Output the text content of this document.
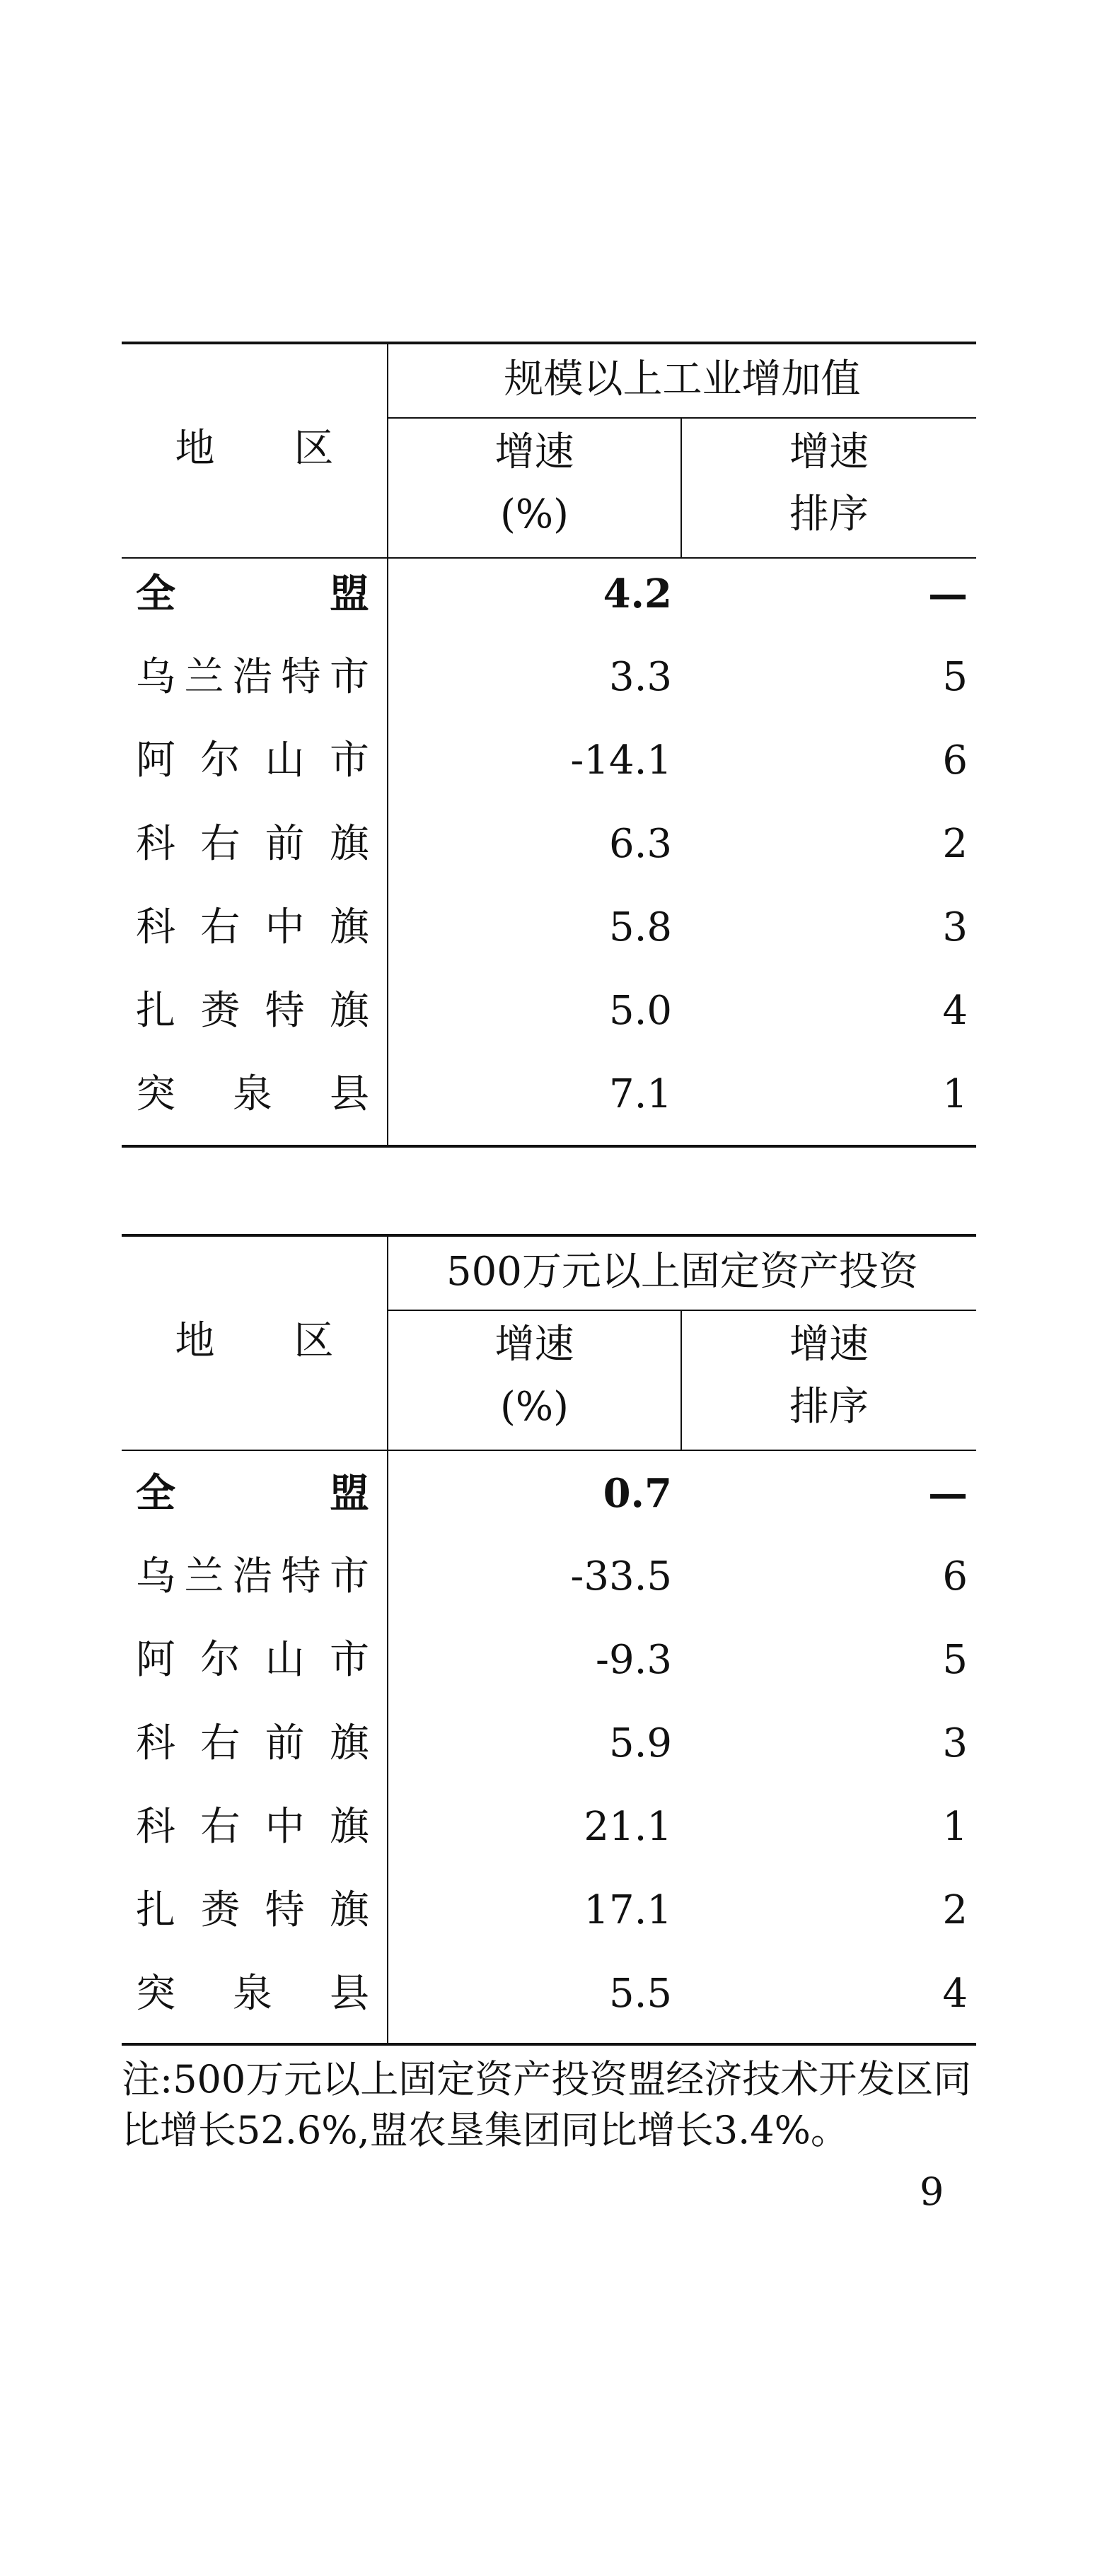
地　　区
规模以上工业增加值
增速
(%)
增速
排序
全	盟	4.2	—
乌 兰 浩 特 市	3.3	5
阿 尔 山 市	-14.1	6
科 右 前 旗	6.3	2
科 右 中 旗	5.8	3
扎 赉 特 旗	5.0	4
突 泉 县	7.1	1
地　　区
500万元以上固定资产投资
增速
(%)
增速
排序
全	盟	0.7	—
乌 兰 浩 特 市	-33.5	6
阿 尔 山 市	-9.3	5
科 右 前 旗	5.9	3
科 右 中 旗	21.1	1
扎 赉 特 旗	17.1	2
突 泉 县	5.5	4
注:500万元以上固定资产投资盟经济技术开发区同比增长52.6%,盟农垦集团同比增长3.4%。
9
